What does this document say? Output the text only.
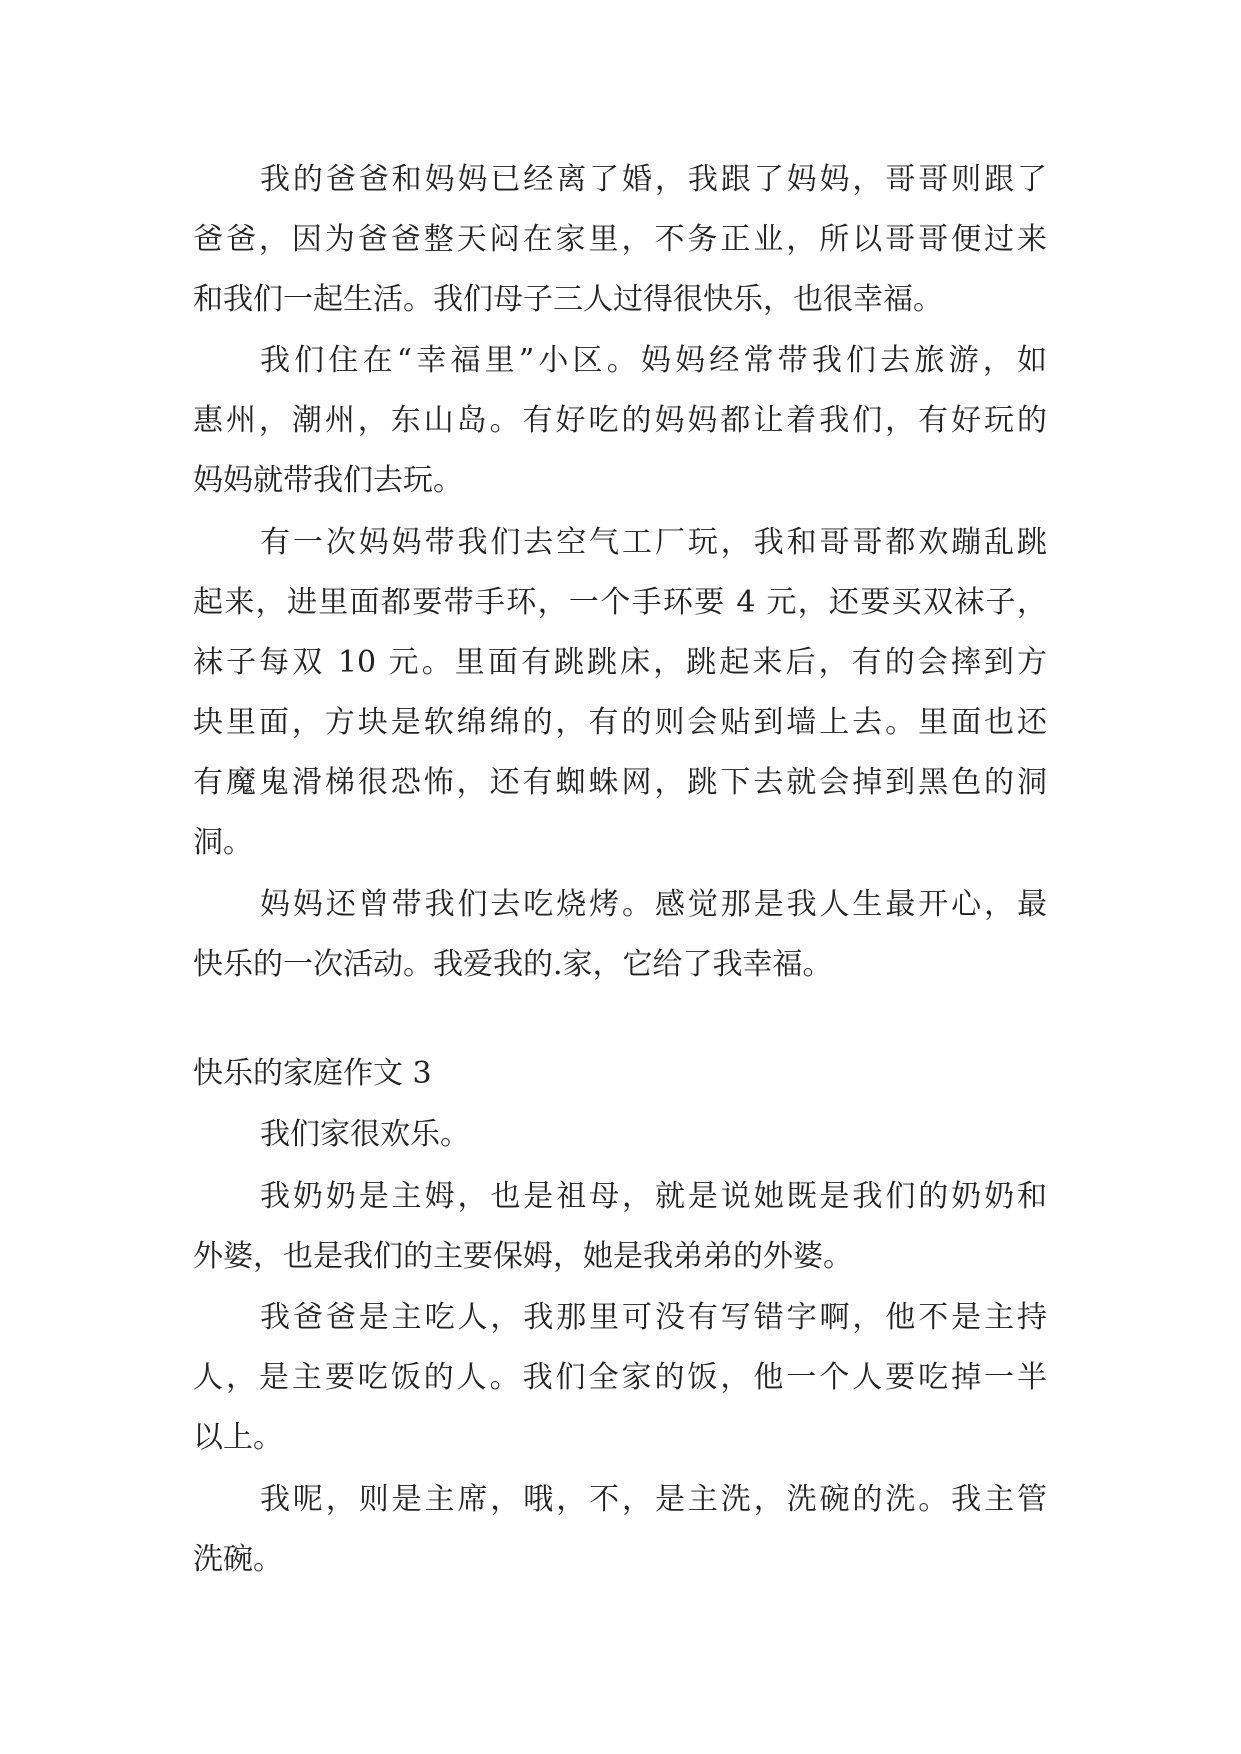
我的爸爸和妈妈已经离了婚，我跟了妈妈，哥哥则跟了
爸爸，因为爸爸整天闷在家里，不务正业，所以哥哥便过来
和我们一起生活。我们母子三人过得很快乐，也很幸福。
我们住在“幸福里”小区。妈妈经常带我们去旅游，如
惠州，潮州，东山岛。有好吃的妈妈都让着我们，有好玩的
妈妈就带我们去玩。
有一次妈妈带我们去空气工厂玩，我和哥哥都欢蹦乱跳
起来，进里面都要带手环，一个手环要 4 元，还要买双袜子，
袜子每双 10 元。里面有跳跳床，跳起来后，有的会摔到方
块里面，方块是软绵绵的，有的则会贴到墙上去。里面也还
有魔鬼滑梯很恐怖，还有蜘蛛网，跳下去就会掉到黑色的洞
洞。
妈妈还曾带我们去吃烧烤。感觉那是我人生最开心，最
快乐的一次活动。我爱我的.家，它给了我幸福。
快乐的家庭作文 3
我们家很欢乐。
我奶奶是主姆，也是祖母，就是说她既是我们的奶奶和
外婆，也是我们的主要保姆，她是我弟弟的外婆。
我爸爸是主吃人，我那里可没有写错字啊，他不是主持
人，是主要吃饭的人。我们全家的饭，他一个人要吃掉一半
以上。
我呢，则是主席，哦，不，是主洗，洗碗的洗。我主管
洗碗。
